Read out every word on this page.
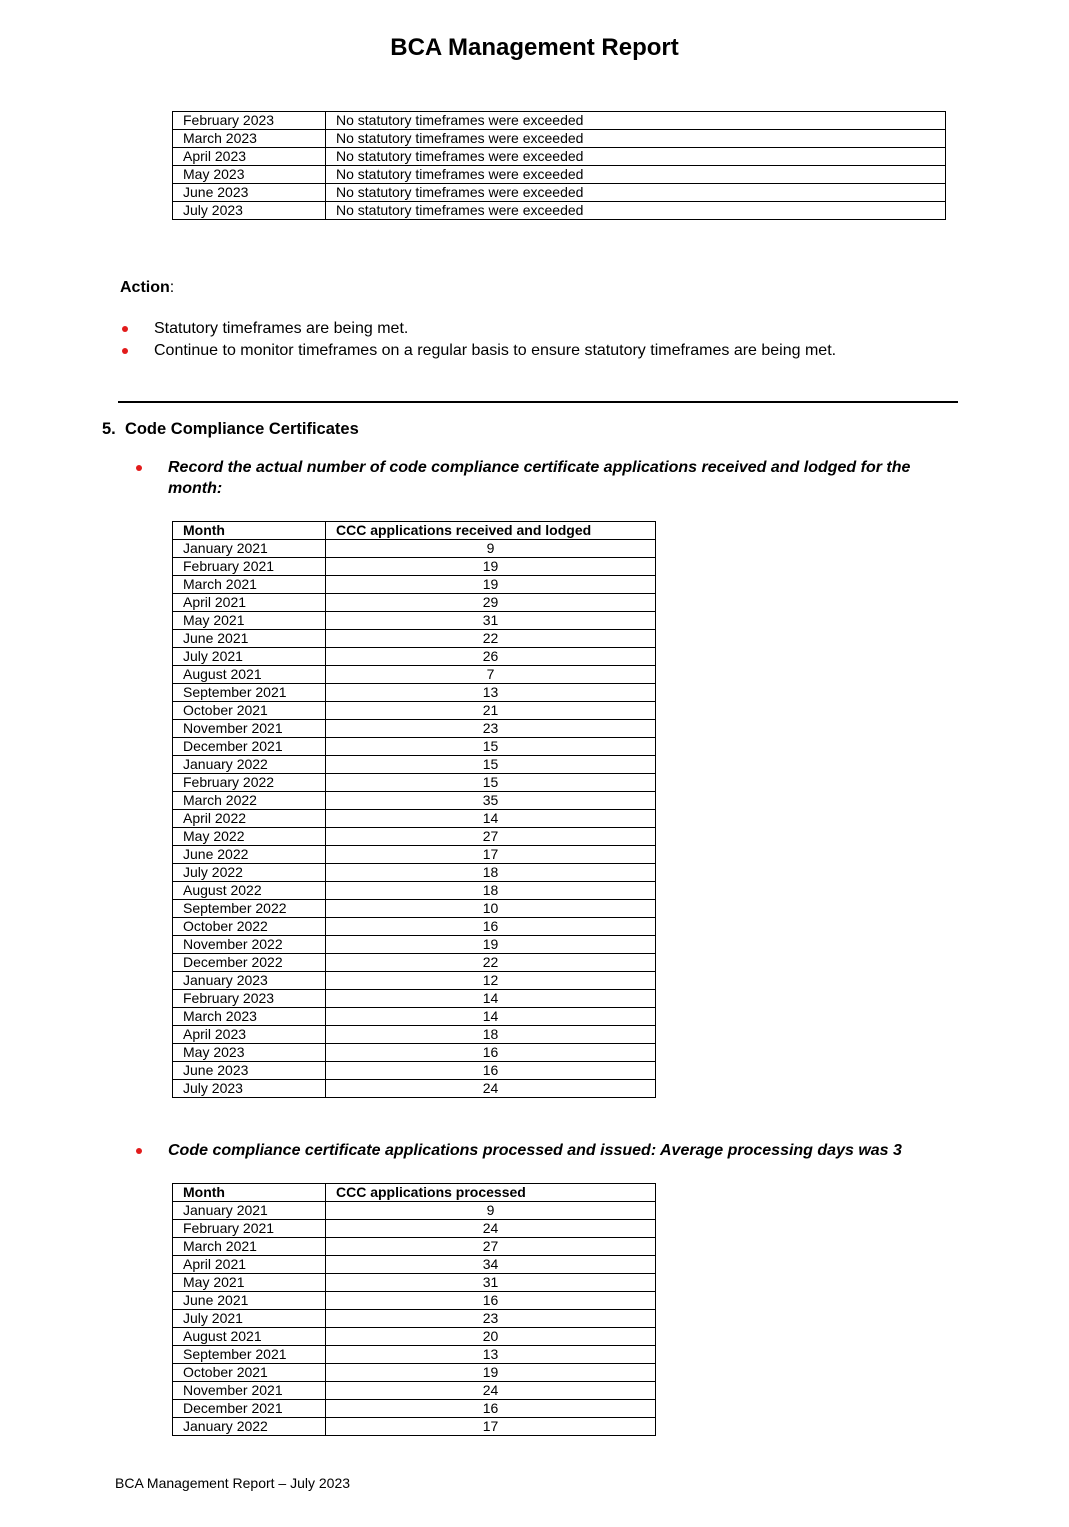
BCA Management Report
February 2023	No statutory timeframes were exceeded
March 2023	No statutory timeframes were exceeded
April 2023	No statutory timeframes were exceeded
May 2023	No statutory timeframes were exceeded
June 2023	No statutory timeframes were exceeded
July 2023	No statutory timeframes were exceeded

Action:

Statutory timeframes are being met.
Continue to monitor timeframes on a regular basis to ensure statutory timeframes are being met.
5. Code Compliance Certificates

Record the actual number of code compliance certificate applications received and lodged for the month:

Month	CCC applications received and lodged
January 2021	9
February 2021	19
March 2021	19
April 2021	29
May 2021	31
June 2021	22
July 2021	26
August 2021	7
September 2021	13
October 2021	21
November 2021	23
December 2021	15
January 2022	15
February 2022	15
March 2022	35
April 2022	14
May 2022	27
June 2022	17
July 2022	18
August 2022	18
September 2022	10
October 2022	16
November 2022	19
December 2022	22
January 2023	12
February 2023	14
March 2023	14
April 2023	18
May 2023	16
June 2023	16
July 2023	24

Code compliance certificate applications processed and issued: Average processing days was 3

Month	CCC applications processed
January 2021	9
February 2021	24
March 2021	27
April 2021	34
May 2021	31
June 2021	16
July 2021	23
August 2021	20
September 2021	13
October 2021	19
November 2021	24
December 2021	16
January 2022	17

BCA Management Report – July 2023
